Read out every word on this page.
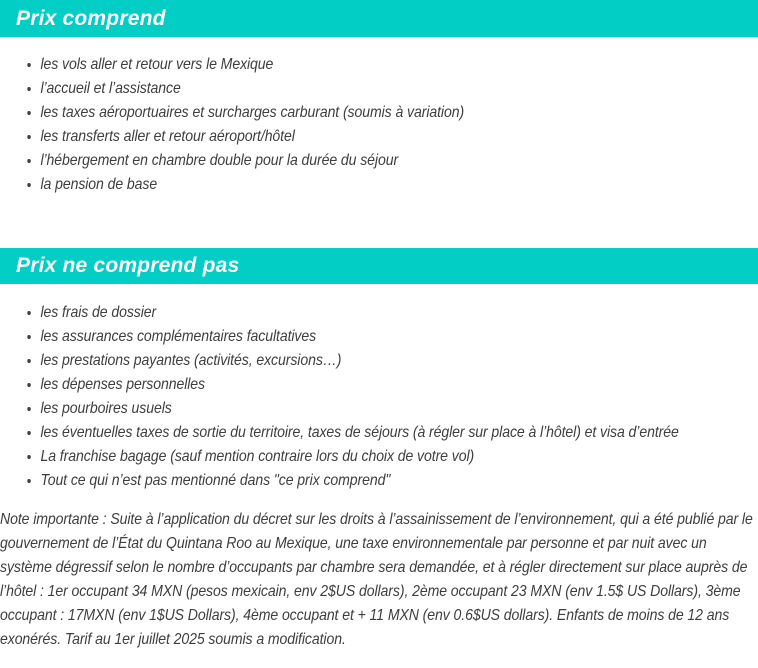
Prix comprend
• les vols aller et retour vers le Mexique
• l’accueil et l’assistance
• les taxes aéroportuaires et surcharges carburant (soumis à variation)
• les transferts aller et retour aéroport/hôtel
• l’hébergement en chambre double pour la durée du séjour
• la pension de base
Prix ne comprend pas
• les frais de dossier
• les assurances complémentaires facultatives
• les prestations payantes (activités, excursions…)
• les dépenses personnelles
• les pourboires usuels
• les éventuelles taxes de sortie du territoire, taxes de séjours (à régler sur place à l’hôtel) et visa d’entrée
• La franchise bagage (sauf mention contraire lors du choix de votre vol)
• Tout ce qui n’est pas mentionné dans "ce prix comprend"

Note importante : Suite à l’application du décret sur les droits à l’assainissement de l’environnement, qui a été publié par le gouvernement de l’État du Quintana Roo au Mexique, une taxe environnementale par personne et par nuit avec un système dégressif selon le nombre d’occupants par chambre sera demandée, et à régler directement sur place auprès de l’hôtel : 1er occupant 34 MXN (pesos mexicain, env 2$US dollars), 2ème occupant 23 MXN (env 1.5$ US Dollars), 3ème occupant : 17MXN (env 1$US Dollars), 4ème occupant et + 11 MXN (env 0.6$US dollars). Enfants de moins de 12 ans exonérés. Tarif au 1er juillet 2025 soumis a modification.
